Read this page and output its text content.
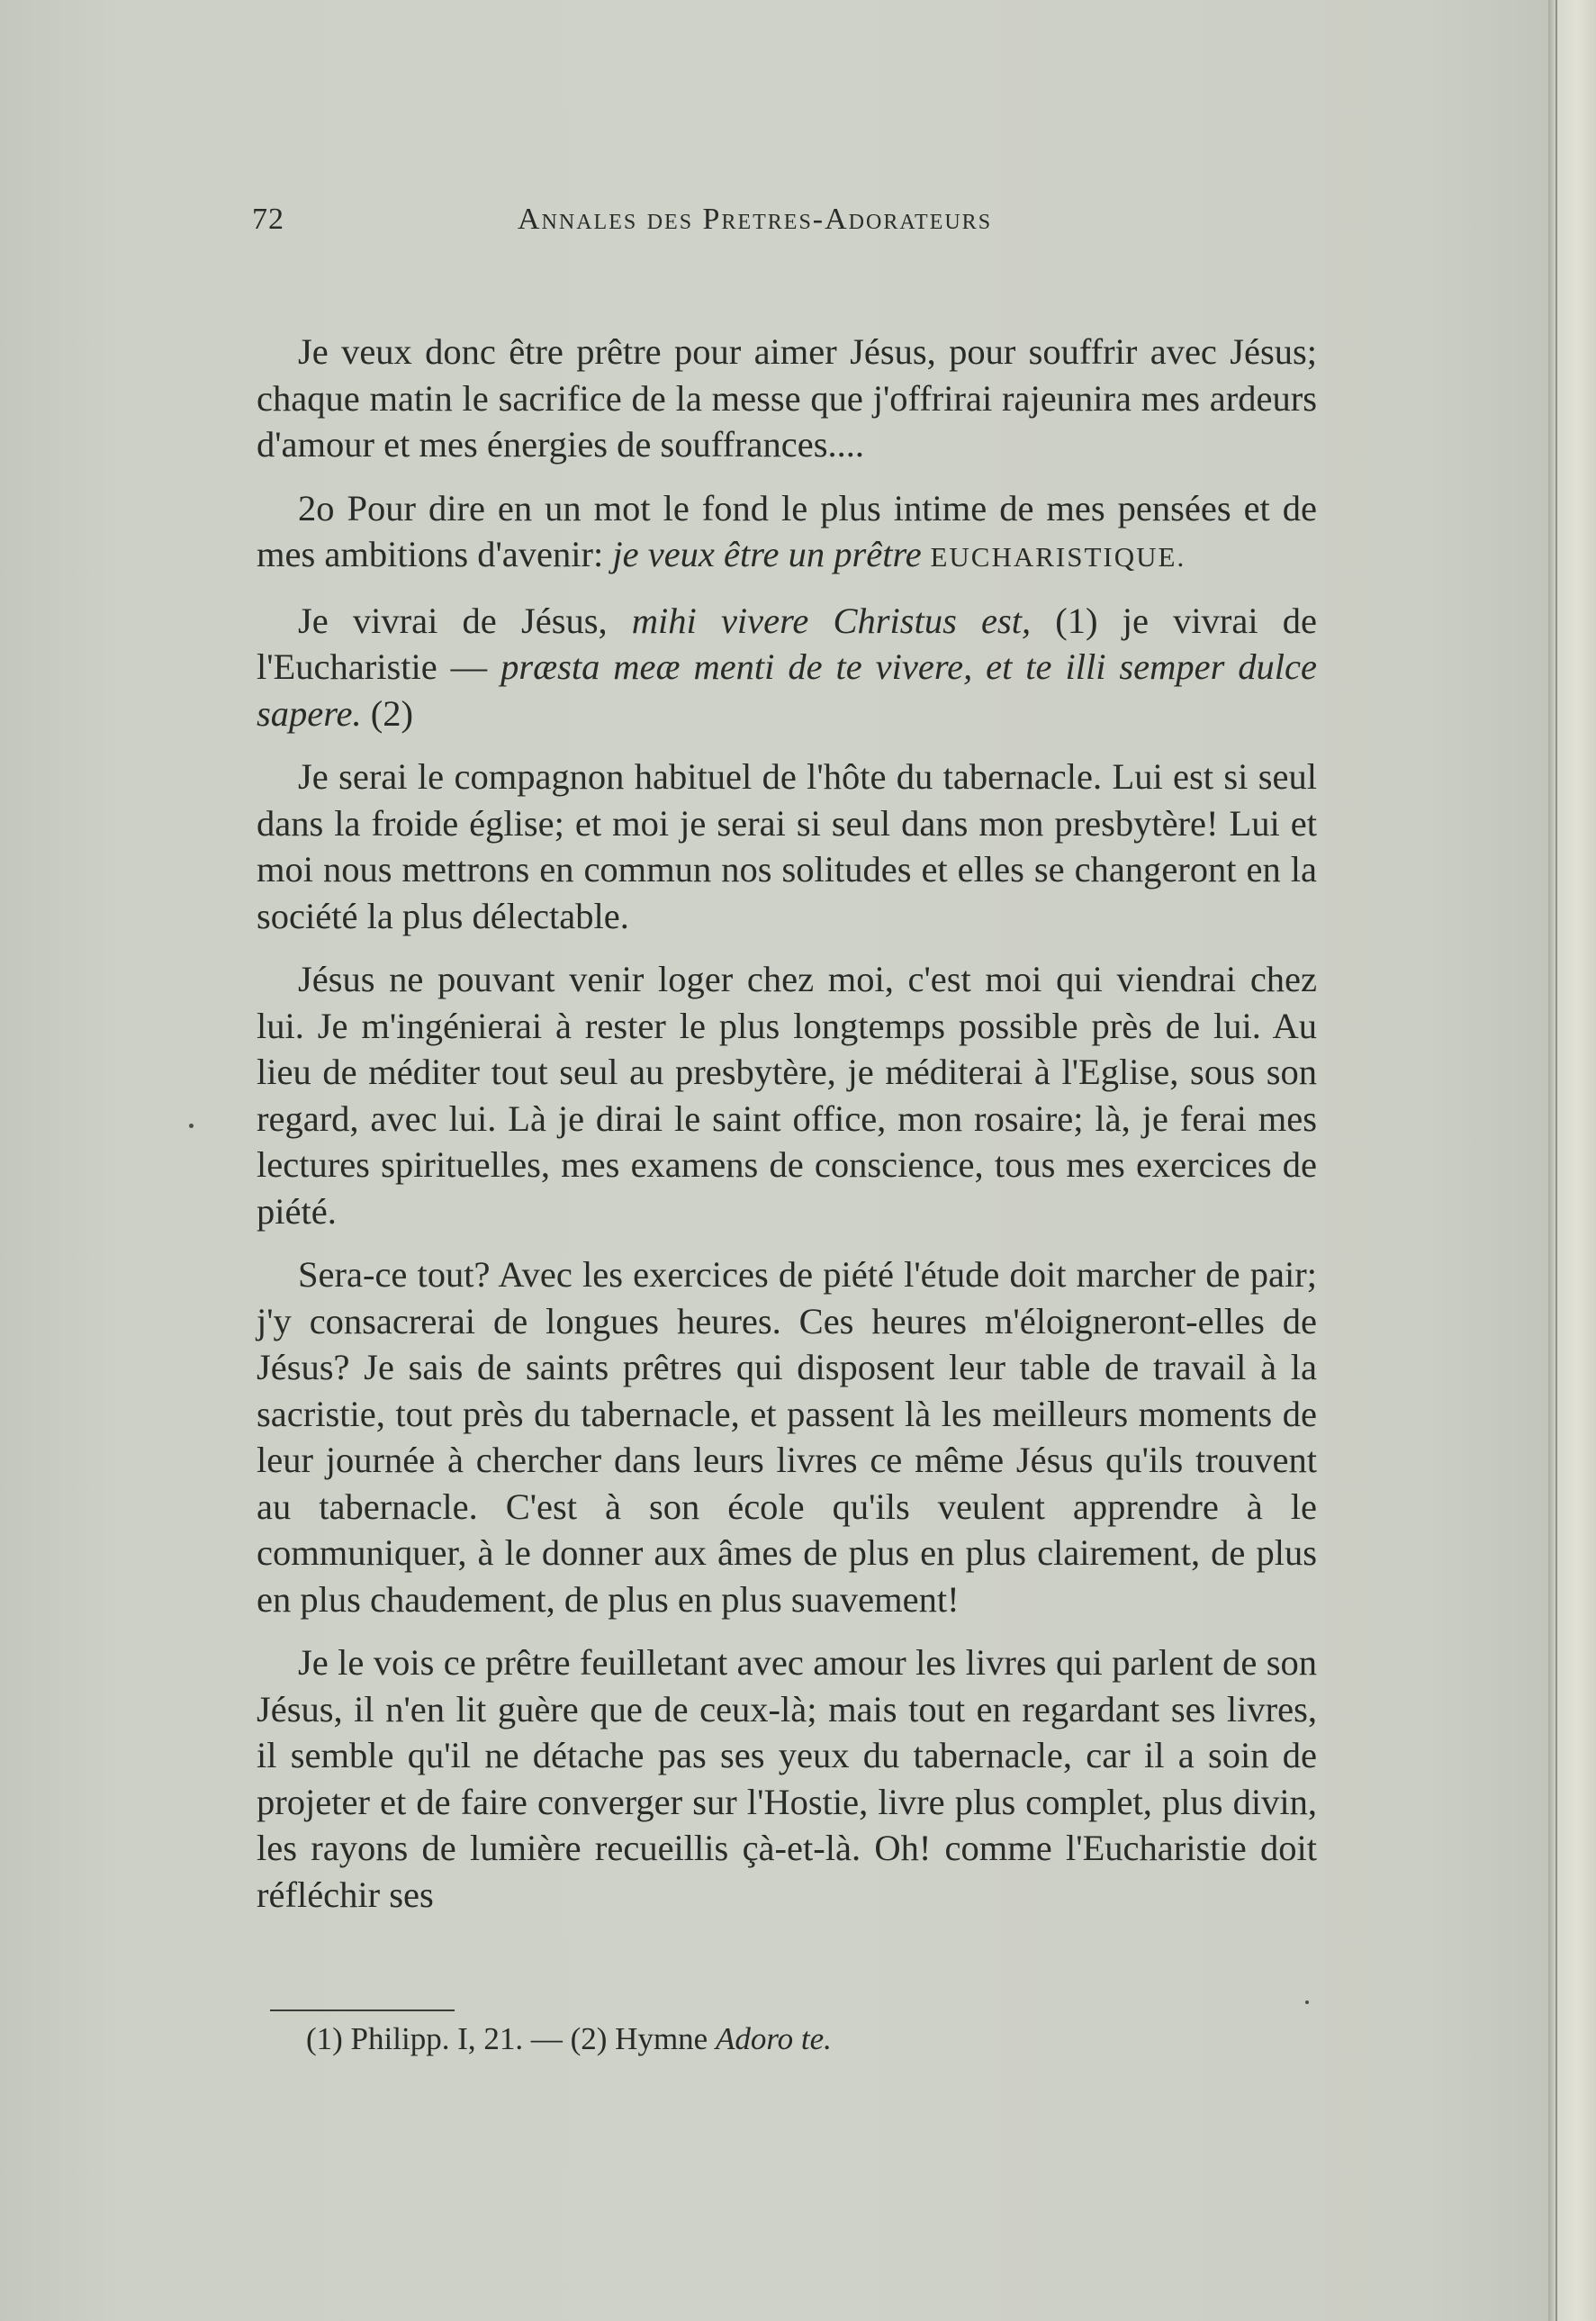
72	Annales des Pretres-Adorateurs

Je veux donc être prêtre pour aimer Jésus, pour souffrir avec Jésus; chaque matin le sacrifice de la messe que j'offrirai rajeunira mes ardeurs d'amour et mes énergies de souffrances....

2o Pour dire en un mot le fond le plus intime de mes pensées et de mes ambitions d'avenir: je veux être un prêtre EUCHARISTIQUE.

Je vivrai de Jésus, mihi vivere Christus est, (1) je vivrai de l'Eucharistie — præsta meæ menti de te vivere, et te illi semper dulce sapere. (2)

Je serai le compagnon habituel de l'hôte du tabernacle. Lui est si seul dans la froide église; et moi je serai si seul dans mon presbytère! Lui et moi nous mettrons en commun nos solitudes et elles se changeront en la société la plus délectable.

Jésus ne pouvant venir loger chez moi, c'est moi qui viendrai chez lui. Je m'ingénierai à rester le plus longtemps possible près de lui. Au lieu de méditer tout seul au presbytère, je méditerai à l'Eglise, sous son regard, avec lui. Là je dirai le saint office, mon rosaire; là, je ferai mes lectures spirituelles, mes examens de conscience, tous mes exercices de piété.

Sera-ce tout? Avec les exercices de piété l'étude doit marcher de pair; j'y consacrerai de longues heures. Ces heures m'éloigneront-elles de Jésus? Je sais de saints prêtres qui disposent leur table de travail à la sacristie, tout près du tabernacle, et passent là les meilleurs moments de leur journée à chercher dans leurs livres ce même Jésus qu'ils trouvent au tabernacle. C'est à son école qu'ils veulent apprendre à le communiquer, à le donner aux âmes de plus en plus clairement, de plus en plus chaudement, de plus en plus suavement!

Je le vois ce prêtre feuilletant avec amour les livres qui parlent de son Jésus, il n'en lit guère que de ceux-là; mais tout en regardant ses livres, il semble qu'il ne détache pas ses yeux du tabernacle, car il a soin de projeter et de faire converger sur l'Hostie, livre plus complet, plus divin, les rayons de lumière recueillis çà-et-là. Oh! comme l'Eucharistie doit réfléchir ses

(1) Philipp. I, 21. — (2) Hymne Adoro te.
